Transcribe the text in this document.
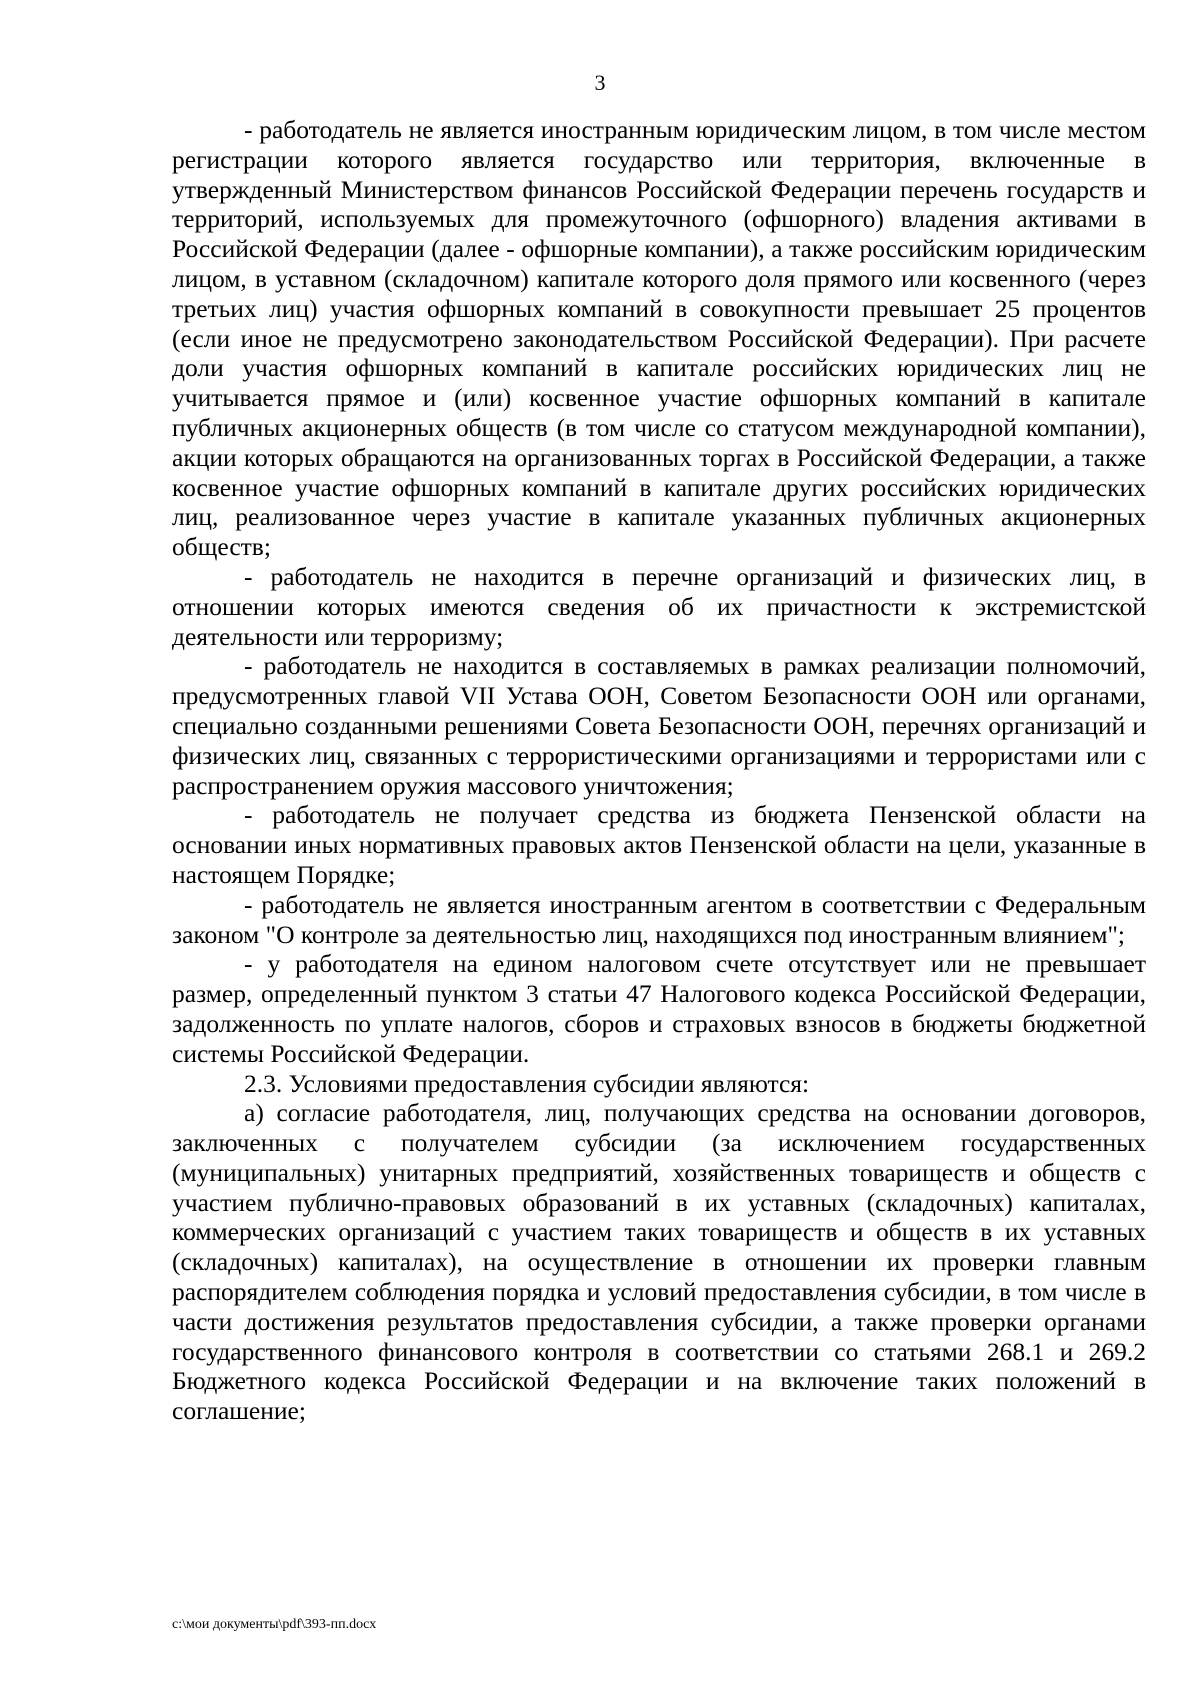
3

- работодатель не является иностранным юридическим лицом, в том числе местом регистрации которого является государство или территория, включенные в утвержденный Министерством финансов Российской Федерации перечень государств и территорий, используемых для промежуточного (офшорного) владения активами в Российской Федерации (далее - офшорные компании), а также российским юридическим лицом, в уставном (складочном) капитале которого доля прямого или косвенного (через третьих лиц) участия офшорных компаний в совокупности превышает 25 процентов (если иное не предусмотрено законодательством Российской Федерации). При расчете доли участия офшорных компаний в капитале российских юридических лиц не учитывается прямое и (или) косвенное участие офшорных компаний в капитале публичных акционерных обществ (в том числе со статусом международной компании), акции которых обращаются на организованных торгах в Российской Федерации, а также косвенное участие офшорных компаний в капитале других российских юридических лиц, реализованное через участие в капитале указанных публичных акционерных обществ;

- работодатель не находится в перечне организаций и физических лиц, в отношении которых имеются сведения об их причастности к экстремистской деятельности или терроризму;

- работодатель не находится в составляемых в рамках реализации полномочий, предусмотренных главой VII Устава ООН, Советом Безопасности ООН или органами, специально созданными решениями Совета Безопасности ООН, перечнях организаций и физических лиц, связанных с террористическими организациями и террористами или с распространением оружия массового уничтожения;

- работодатель не получает средства из бюджета Пензенской области на основании иных нормативных правовых актов Пензенской области на цели, указанные в настоящем Порядке;

- работодатель не является иностранным агентом в соответствии с Федеральным законом "О контроле за деятельностью лиц, находящихся под иностранным влиянием";

- у работодателя на едином налоговом счете отсутствует или не превышает размер, определенный пунктом 3 статьи 47 Налогового кодекса Российской Федерации, задолженность по уплате налогов, сборов и страховых взносов в бюджеты бюджетной системы Российской Федерации.

2.3. Условиями предоставления субсидии являются:

а) согласие работодателя, лиц, получающих средства на основании договоров, заключенных с получателем субсидии (за исключением государственных (муниципальных) унитарных предприятий, хозяйственных товариществ и обществ с участием публично-правовых образований в их уставных (складочных) капиталах, коммерческих организаций с участием таких товариществ и обществ в их уставных (складочных) капиталах), на осуществление в отношении их проверки главным распорядителем соблюдения порядка и условий предоставления субсидии, в том числе в части достижения результатов предоставления субсидии, а также проверки органами государственного финансового контроля в соответствии со статьями 268.1 и 269.2 Бюджетного кодекса Российской Федерации и на включение таких положений в соглашение;

c:\мои документы\pdf\393-пп.docx
